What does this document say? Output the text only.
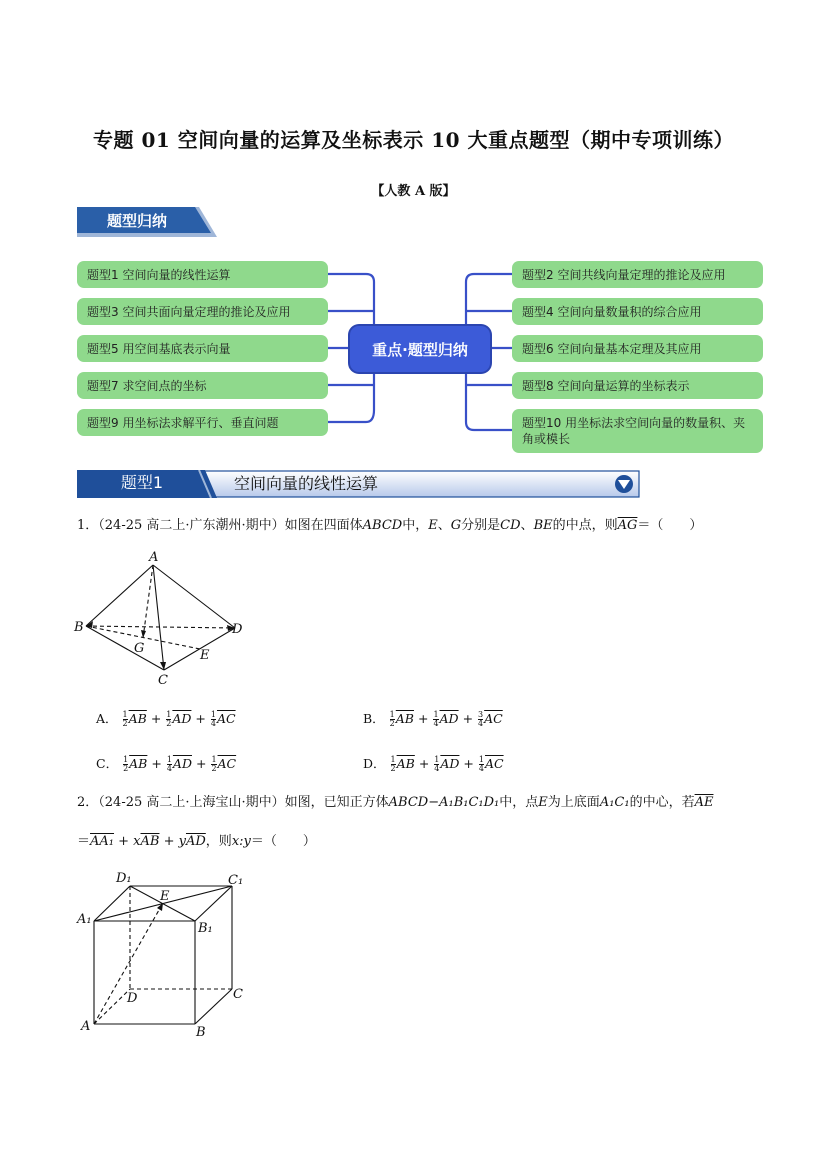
专题 01 空间向量的运算及坐标表示 10 大重点题型（期中专项训练）
【人教 A 版】
题型归纳
题型1 空间向量的线性运算
题型3 空间共面向量定理的推论及应用
题型5 用空间基底表示向量
题型7 求空间点的坐标
题型9 用坐标法求解平行、垂直问题
重点·题型归纳
题型2 空间共线向量定理的推论及应用
题型4 空间向量数量积的综合应用
题型6 空间向量基本定理及其应用
题型8 空间向量运算的坐标表示
题型10 用坐标法求空间向量的数量积、夹角或模长
题型1	空间向量的线性运算
1．（24-25 高二上·广东潮州·期中）如图在四面体ABCD中，E、G分别是CD、BE的中点，则$\overline{AG}=$（　　）
A
B
C
D
E
G
A． $\frac{1}{2} \overline{AB} + \frac{1}{2} \overline{AD} + \frac{1}{4} \overline{AC}$	B． $\frac{1}{2} \overline{AB} + \frac{1}{4} \overline{AD} + \frac{3}{4} \overline{AC}$
C． $\frac{1}{2} \overline{AB} + \frac{1}{4} \overline{AD} + \frac{1}{2} \overline{AC}$	D． $\frac{1}{2} \overline{AB} + \frac{1}{4} \overline{AD} + \frac{1}{4} \overline{AC}$
2．（24-25 高二上·上海宝山·期中）如图，已知正方体ABCD−A₁B₁C₁D₁中，点E为上底面A₁C₁的中心，若$\overline{AE}$
$=AA_1 + x\overline{AB} + y\overline{AD}$，则x:y＝（　　）
D₁	C₁
E
A₁
B₁
D	C
A	B
